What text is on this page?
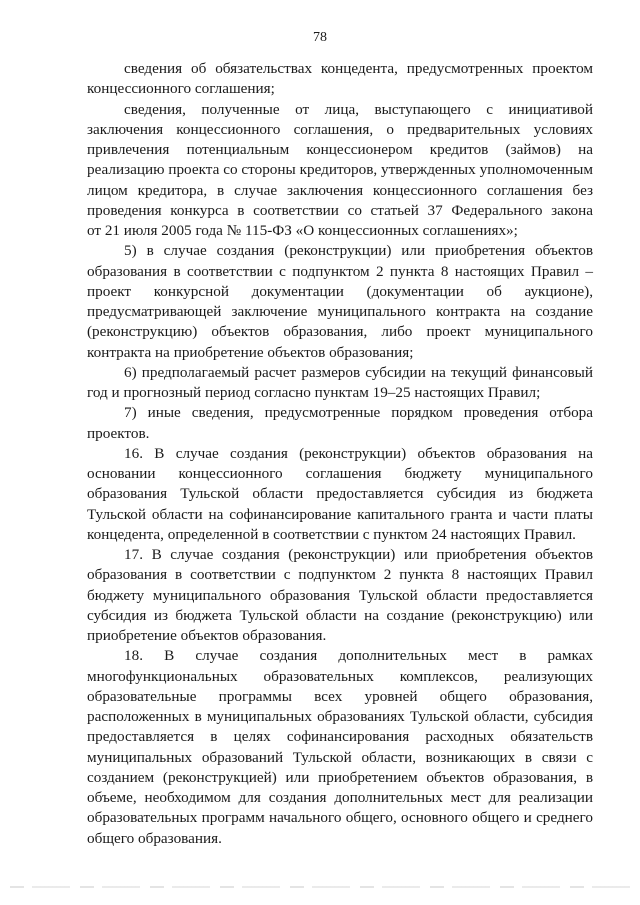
78
сведения об обязательствах концедента, предусмотренных проектом
концессионного соглашения;
сведения, полученные от лица, выступающего с инициативой
заключения концессионного соглашения, о предварительных условиях
привлечения потенциальным концессионером кредитов (займов) на
реализацию проекта со стороны кредиторов, утвержденных уполномоченным
лицом кредитора, в случае заключения концессионного соглашения без
проведения конкурса в соответствии со статьей 37 Федерального закона
от 21 июля 2005 года № 115-ФЗ «О концессионных соглашениях»;
5) в случае создания (реконструкции) или приобретения объектов
образования в соответствии с подпунктом 2 пункта 8 настоящих Правил –
проект конкурсной документации (документации об аукционе),
предусматривающей заключение муниципального контракта на создание
(реконструкцию) объектов образования, либо проект муниципального
контракта на приобретение объектов образования;
6) предполагаемый расчет размеров субсидии на текущий финансовый
год и прогнозный период согласно пунктам 19–25 настоящих Правил;
7) иные сведения, предусмотренные порядком проведения отбора
проектов.
16. В случае создания (реконструкции) объектов образования на
основании концессионного соглашения бюджету муниципального
образования Тульской области предоставляется субсидия из бюджета
Тульской области на софинансирование капитального гранта и части платы
концедента, определенной в соответствии с пунктом 24 настоящих Правил.
17. В случае создания (реконструкции) или приобретения объектов
образования в соответствии с подпунктом 2 пункта 8 настоящих Правил
бюджету муниципального образования Тульской области предоставляется
субсидия из бюджета Тульской области на создание (реконструкцию) или
приобретение объектов образования.
18. В случае создания дополнительных мест в рамках
многофункциональных образовательных комплексов, реализующих
образовательные программы всех уровней общего образования,
расположенных в муниципальных образованиях Тульской области, субсидия
предоставляется в целях софинансирования расходных обязательств
муниципальных образований Тульской области, возникающих в связи с
созданием (реконструкцией) или приобретением объектов образования, в
объеме, необходимом для создания дополнительных мест для реализации
образовательных программ начального общего, основного общего и среднего
общего образования.
